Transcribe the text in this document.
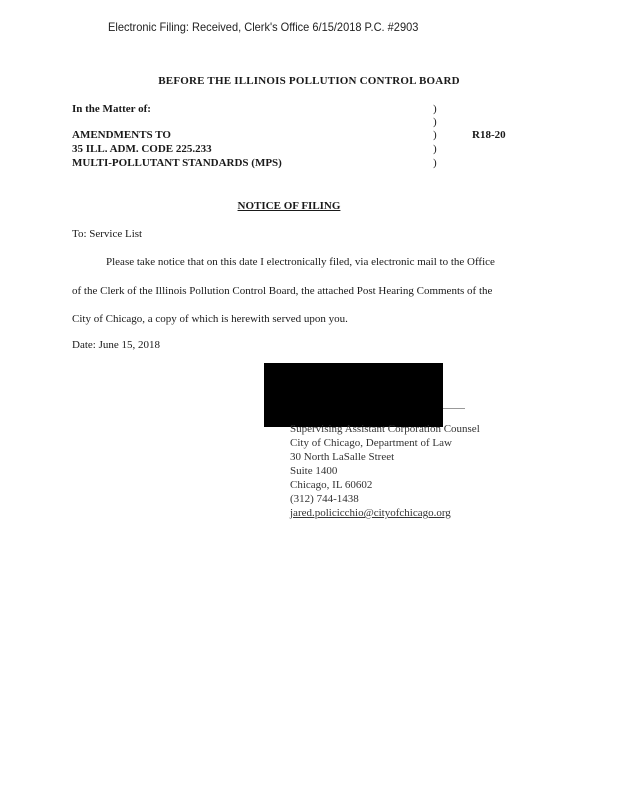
Electronic Filing: Received, Clerk's Office 6/15/2018 P.C. #2903
BEFORE THE ILLINOIS POLLUTION CONTROL BOARD
In the Matter of:
AMENDMENTS TO
35 ILL. ADM. CODE 225.233
MULTI-POLLUTANT STANDARDS (MPS)
)
)
)
)
)
R18-20
NOTICE OF FILING
To: Service List
Please take notice that on this date I electronically filed, via electronic mail to the Office
of the Clerk of the Illinois Pollution Control Board, the attached Post Hearing Comments of the
City of Chicago, a copy of which is herewith served upon you.
Date: June 15, 2018
Supervising Assistant Corporation Counsel
City of Chicago, Department of Law
30 North LaSalle Street
Suite 1400
Chicago, IL 60602
(312) 744-1438
jared.policicchio@cityofchicago.org
